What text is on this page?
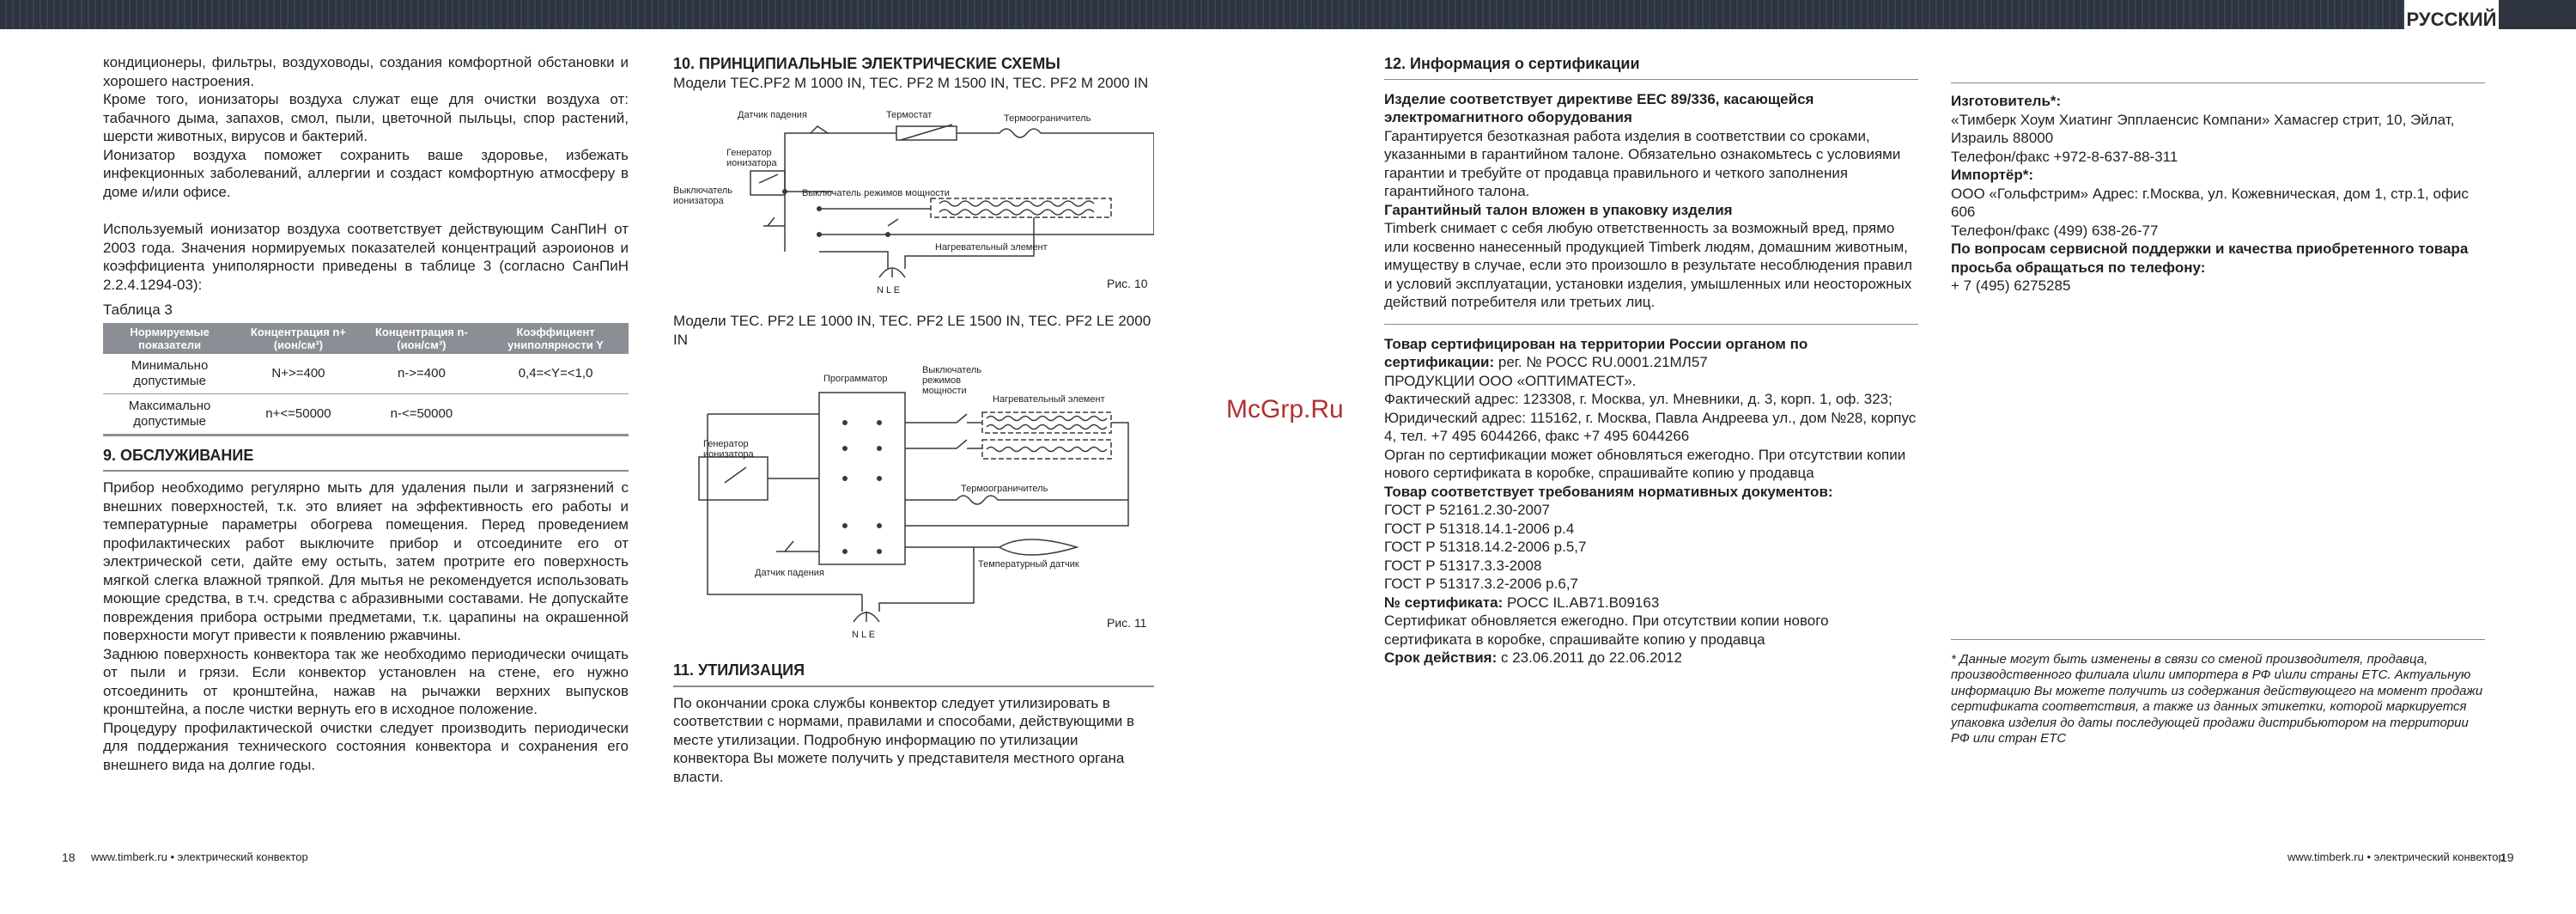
РУССКИЙ

кондиционеры, фильтры, воздуховоды, создания комфортной обстановки и хорошего настроения.

Кроме того, ионизаторы воздуха служат еще для очистки воздуха от: табачного дыма, запахов, смол, пыли, цветочной пыльцы, спор растений, шерсти животных, вирусов и бактерий.

Ионизатор воздуха поможет сохранить ваше здоровье, избежать инфекционных заболеваний, аллергии и создаст комфортную атмосферу в доме и/или офисе.

Используемый ионизатор воздуха соответствует действующим СанПиН от 2003 года. Значения нормируемых показателей концентраций аэроионов и коэффициента униполярности приведены в таблице 3 (согласно СанПиН 2.2.4.1294-03):

Таблица 3

Нормируемые показатели	Концентрация n+(ион/см³)	Концентрация n-(ион/см³)	Коэффициент униполярности Y
Минимально допустимые	N+>=400	n->=400	0,4=<Y=<1,0
Максимально допустимые	n+<=50000	n-<=50000	

9. ОБСЛУЖИВАНИЕ

Прибор необходимо регулярно мыть для удаления пыли и загрязнений с внешних поверхностей, т.к. это влияет на эффективность его работы и температурные параметры обогрева помещения. Перед проведением профилактических работ выключите прибор и отсоедините его от электрической сети, дайте ему остыть, затем протрите его поверхность мягкой слегка влажной тряпкой. Для мытья не рекомендуется использовать моющие средства, в т.ч. средства с абразивными составами. Не допускайте повреждения прибора острыми предметами, т.к. царапины на окрашенной поверхности могут привести к появлению ржавчины.

Заднюю поверхность конвектора так же необходимо периодически очищать от пыли и грязи. Если конвектор установлен на стене, его нужно отсоединить от кронштейна, нажав на рычажки верхних выпусков кронштейна, а после чистки вернуть его в исходное положение.

Процедуру профилактической очистки следует производить периодически для поддержания технического состояния конвектора и сохранения его внешнего вида на долгие годы.

10. ПРИНЦИПИАЛЬНЫЕ ЭЛЕКТРИЧЕСКИЕ СХЕМЫ

Модели TEC.PF2 M 1000 IN, TEC. PF2 M 1500 IN, TEC. PF2 M 2000 IN

Датчик падения	Термостат	Термоограничитель
Генератор ионизатора
Выключатель ионизатора
Выключатель режимов мощности
Нагревательный элемент
N L E	Рис. 10

Модели TEC. PF2 LE 1000 IN, TEC. PF2 LE 1500 IN, TEC. PF2 LE 2000 IN

Программатор
Выключатель режимов мощности
Нагревательный элемент
Генератор ионизатора
Термоограничитель
Датчик падения
Температурный датчик
N L E
Рис. 11

11. УТИЛИЗАЦИЯ

По окончании срока службы конвектор следует утилизировать в соответствии с нормами, правилами и способами, действующими в месте утилизации. Подробную информацию по утилизации конвектора Вы можете получить у представителя местного органа власти.

12. Информация о сертификации

Изделие соответствует директиве ЕЕС 89/336, касающейся электромагнитного оборудования

Гарантируется безотказная работа изделия в соответствии со сроками, указанными в гарантийном талоне. Обязательно ознакомьтесь с условиями гарантии и требуйте от продавца правильного и четкого заполнения гарантийного талона.

Гарантийный талон вложен в упаковку изделия

Timberk снимает с себя любую ответственность за возможный вред, прямо или косвенно нанесенный продукцией Timberk людям, домашним животным, имуществу в случае, если это произошло в результате несоблюдения правил и условий эксплуатации, установки изделия, умышленных или неосторожных действий потребителя или третьих лиц.

Товар сертифицирован на территории России органом по сертификации: рег. № РОСС RU.0001.21МЛ57

ПРОДУКЦИИ ООО «ОПТИМАТЕСТ».

Фактический адрес: 123308, г. Москва, ул. Мневники, д. 3, корп. 1, оф. 323; Юридический адрес: 115162, г. Москва, Павла Андреева ул., дом №28, корпус 4, тел. +7 495 6044266, факс +7 495 6044266

Орган по сертификации может обновляться ежегодно. При отсутствии копии нового сертификата в коробке, спрашивайте копию у продавца

Товар соответствует требованиям нормативных документов:

ГОСТ Р 52161.2.30-2007

ГОСТ Р 51318.14.1-2006 р.4

ГОСТ Р 51318.14.2-2006 р.5,7

ГОСТ Р 51317.3.3-2008

ГОСТ Р 51317.3.2-2006 р.6,7

№ сертификата: РОСС IL.AB71.B09163

Сертификат обновляется ежегодно. При отсутствии копии нового сертификата в коробке, спрашивайте копию у продавца

Срок действия: с 23.06.2011 до 22.06.2012

Изготовитель*:

«Тимберк Хоум Хиатинг Эпплаенсис Компани» Хамасгер стрит, 10, Эйлат, Израиль 88000

Телефон/факс +972-8-637-88-311

Импортёр*:

ООО «Гольфстрим» Адрес: г.Москва, ул. Кожевническая, дом 1, стр.1, офис 606

Телефон/факс (499) 638-26-77

По вопросам сервисной поддержки и качества приобретенного товара просьба обращаться по телефону:

+ 7 (495) 6275285

* Данные могут быть изменены в связи со сменой производителя, продавца, производственного филиала и\или импортера в РФ и\или страны ETC. Актуальную информацию Вы можете получить из содержания действующего на момент продажи сертификата соответствия, а также из данных этикетки, которой маркируется упаковка изделия до даты последующей продажи дистрибьютором на территории РФ или стран ETC

McGrp.Ru
18 www.timberk.ru • электрический конвектор	www.timberk.ru • электрический конвектор
19
